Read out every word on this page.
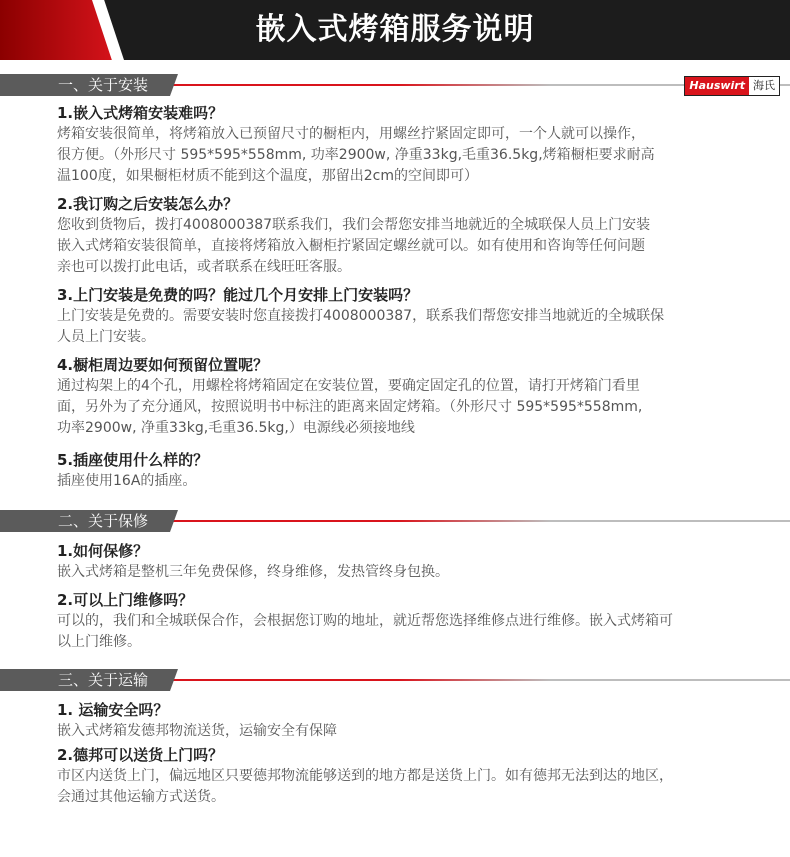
嵌入式烤箱服务说明
一、关于安装	Hauswirt 海氏
1.嵌入式烤箱安装难吗？
烤箱安装很简单，将烤箱放入已预留尺寸的橱柜内，用螺丝拧紧固定即可，一个人就可以操作，
很方便。（外形尺寸 595*595*558mm, 功率2900w, 净重33kg,毛重36.5kg,烤箱橱柜要求耐高
温100度，如果橱柜材质不能到这个温度，那留出2cm的空间即可）
2.我订购之后安装怎么办？
您收到货物后，拨打4008000387联系我们，我们会帮您安排当地就近的全城联保人员上门安装
嵌入式烤箱安装很简单，直接将烤箱放入橱柜拧紧固定螺丝就可以。如有使用和咨询等任何问题
亲也可以拨打此电话，或者联系在线旺旺客服。
3.上门安装是免费的吗？能过几个月安排上门安装吗？
上门安装是免费的。需要安装时您直接拨打4008000387，联系我们帮您安排当地就近的全城联保
人员上门安装。
4.橱柜周边要如何预留位置呢？
通过构架上的4个孔，用螺栓将烤箱固定在安装位置，要确定固定孔的位置，请打开烤箱门看里
面，另外为了充分通风，按照说明书中标注的距离来固定烤箱。（外形尺寸 595*595*558mm,
功率2900w, 净重33kg,毛重36.5kg,）电源线必须接地线
5.插座使用什么样的？
插座使用16A的插座。
二、关于保修
1.如何保修？
嵌入式烤箱是整机三年免费保修，终身维修，发热管终身包换。
2.可以上门维修吗？
可以的，我们和全城联保合作，会根据您订购的地址，就近帮您选择维修点进行维修。嵌入式烤箱可
以上门维修。
三、关于运输
1. 运输安全吗？
嵌入式烤箱发德邦物流送货，运输安全有保障
2.德邦可以送货上门吗？
市区内送货上门，偏远地区只要德邦物流能够送到的地方都是送货上门。如有德邦无法到达的地区，
会通过其他运输方式送货。
